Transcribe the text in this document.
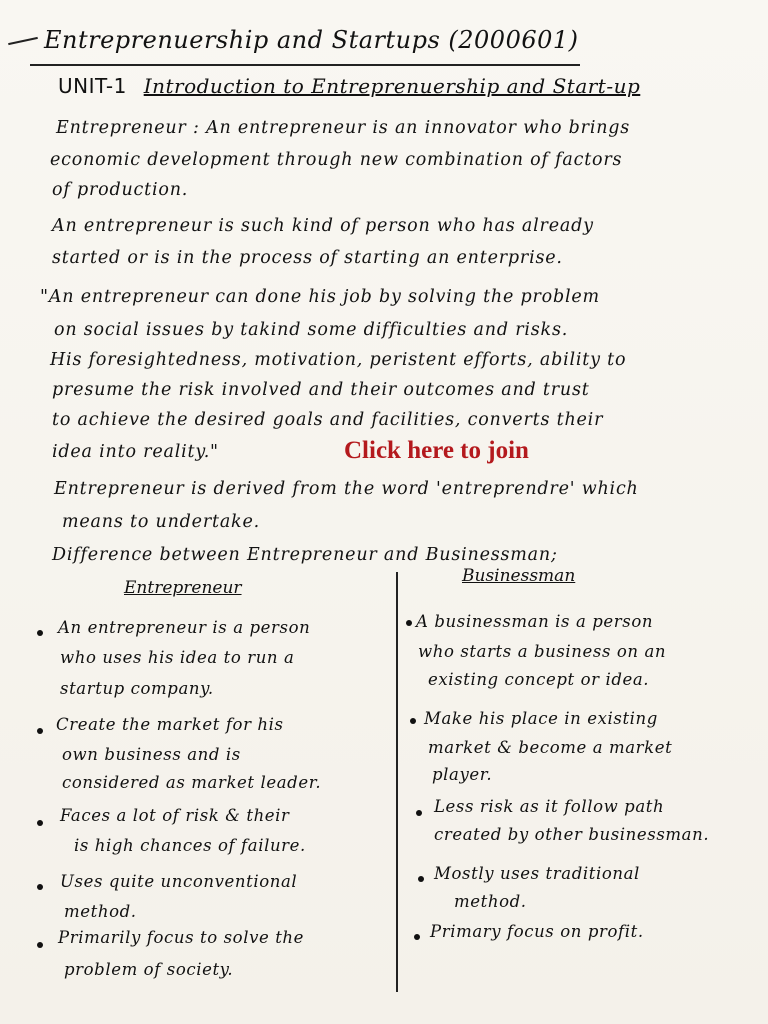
Entreprenuership and Startups (2000601)
UNIT-1 Introduction to Entreprenuership and Start-up
Entrepreneur : An entrepreneur is an innovator who brings
economic development through new combination of factors
of production.
An entrepreneur is such kind of person who has already
started or is in the process of starting an enterprise.
"An entrepreneur can done his job by solving the problem
on social issues by takind some difficulties and risks.
His foresightedness, motivation, peristent efforts, ability to
presume the risk involved and their outcomes and trust
to achieve the desired goals and facilities, converts their
idea into reality."	Click here to join
Entrepreneur is derived from the word 'entreprendre' which
means to undertake.
Difference between Entrepreneur and Businessman;
Entrepreneur
Businessman
An entrepreneur is a person
who uses his idea to run a
startup company.
Create the market for his
own business and is
considered as market leader.
Faces a lot of risk & their
is high chances of failure.
Uses quite unconventional
method.
Primarily focus to solve the
problem of society.
A businessman is a person
who starts a business on an
existing concept or idea.
Make his place in existing
market & become a market
player.
Less risk as it follow path
created by other businessman.
Mostly uses traditional
method.
Primary focus on profit.
